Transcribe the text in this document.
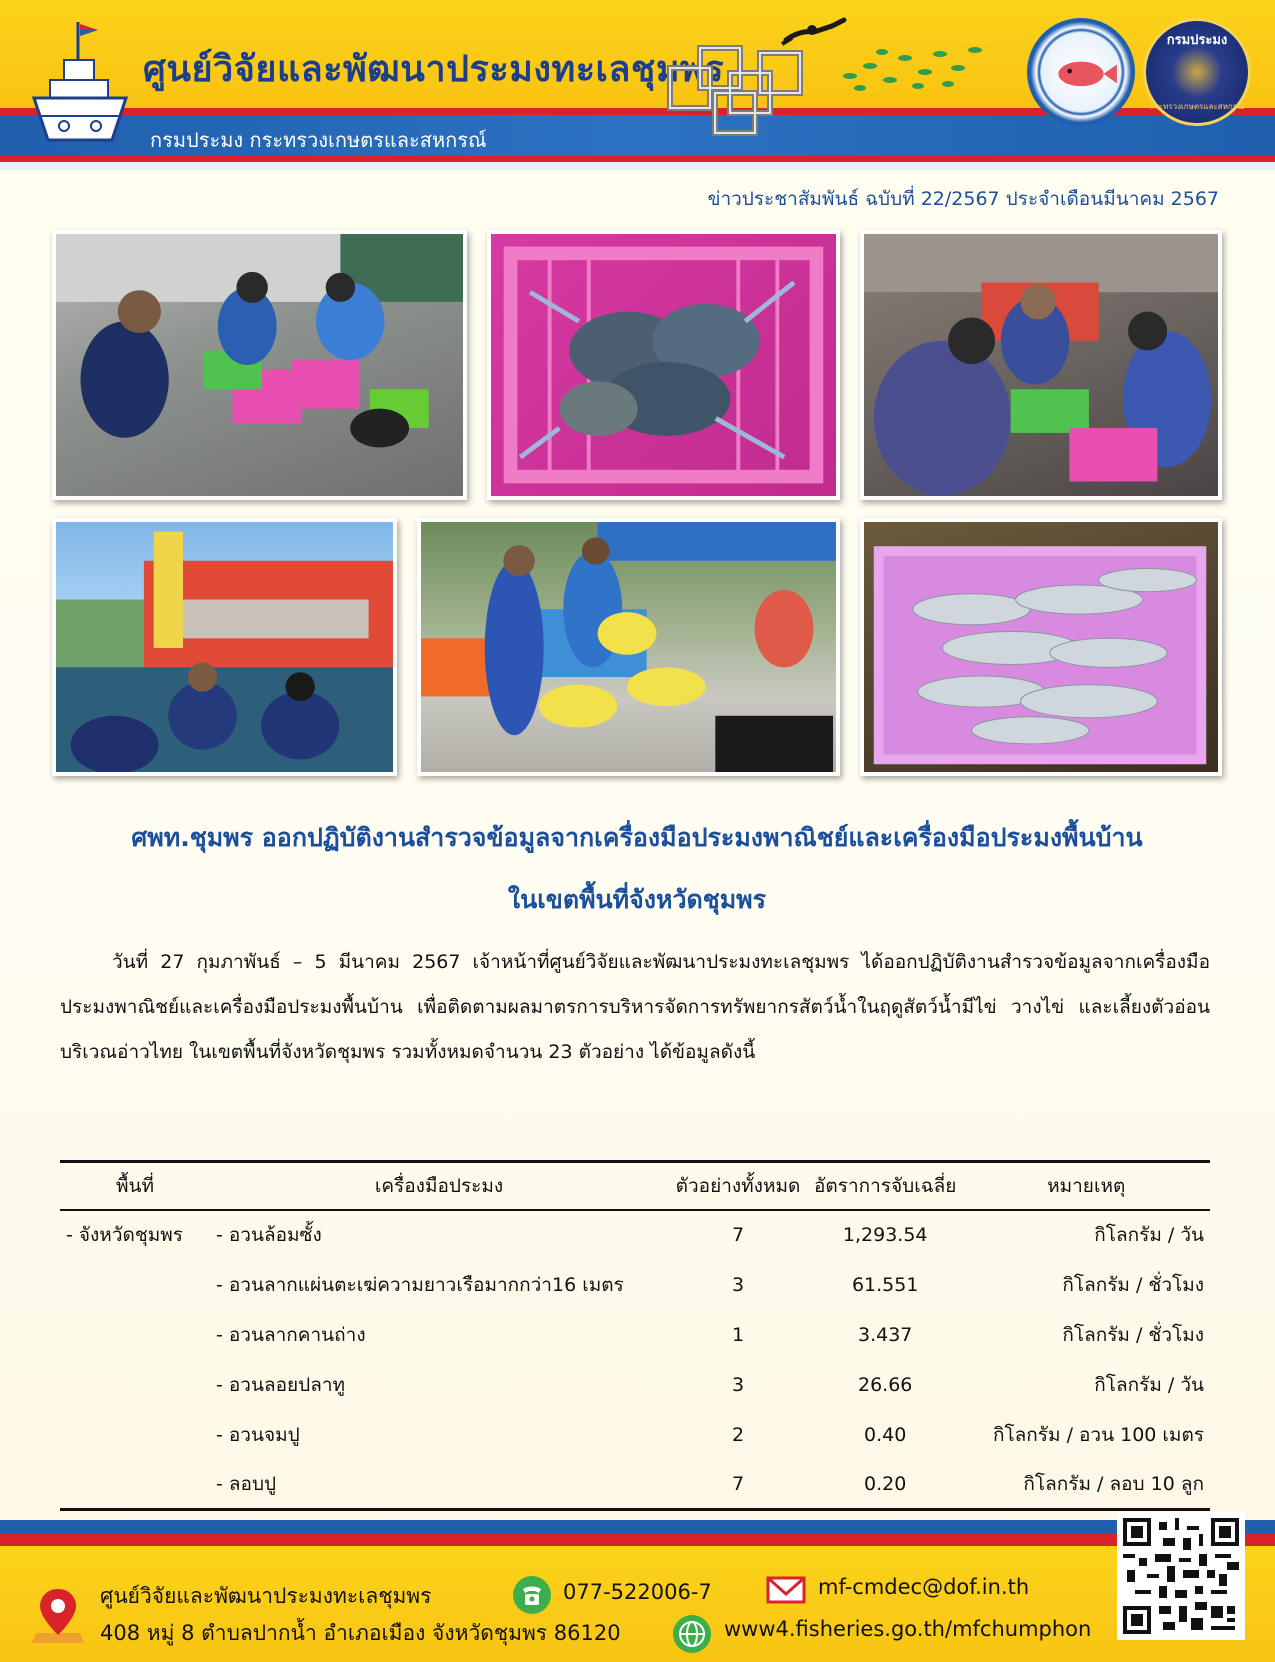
ศูนย์วิจัยและพัฒนาประมงทะเลชุมพร
กรมประมง กระทรวงเกษตรและสหกรณ์
กรมประมง
กระทรวงเกษตรและสหกรณ์
ข่าวประชาสัมพันธ์ ฉบับที่ 22/2567 ประจำเดือนมีนาคม 2567
ศพท.ชุมพร ออกปฏิบัติงานสำรวจข้อมูลจากเครื่องมือประมงพาณิชย์และเครื่องมือประมงพื้นบ้าน
ในเขตพื้นที่จังหวัดชุมพร
วันที่ 27 กุมภาพันธ์ – 5 มีนาคม 2567 เจ้าหน้าที่ศูนย์วิจัยและพัฒนาประมงทะเลชุมพร ได้ออกปฏิบัติงานสำรวจข้อมูลจากเครื่องมือประมงพาณิชย์และเครื่องมือประมงพื้นบ้าน เพื่อติดตามผลมาตรการบริหารจัดการทรัพยากรสัตว์น้ำในฤดูสัตว์น้ำมีไข่ วางไข่ และเลี้ยงตัวอ่อน บริเวณอ่าวไทย ในเขตพื้นที่จังหวัดชุมพร รวมทั้งหมดจำนวน 23 ตัวอย่าง ได้ข้อมูลดังนี้
พื้นที่	เครื่องมือประมง	ตัวอย่างทั้งหมด	อัตราการจับเฉลี่ย	หมายเหตุ
- จังหวัดชุมพร	- อวนล้อมซั้ง	7	1,293.54	กิโลกรัม / วัน
	- อวนลากแผ่นตะเฆ่ความยาวเรือมากกว่า16 เมตร	3	61.551	กิโลกรัม / ชั่วโมง
	- อวนลากคานถ่าง	1	3.437	กิโลกรัม / ชั่วโมง
	- อวนลอยปลาทู	3	26.66	กิโลกรัม / วัน
	- อวนจมปู	2	0.40	กิโลกรัม / อวน 100 เมตร
	- ลอบปู	7	0.20	กิโลกรัม / ลอบ 10 ลูก
ศูนย์วิจัยและพัฒนาประมงทะเลชุมพร
408 หมู่ 8 ตำบลปากน้ำ อำเภอเมือง จังหวัดชุมพร 86120
077-522006-7	mf-cmdec@dof.in.th
www4.fisheries.go.th/mfchumphon
